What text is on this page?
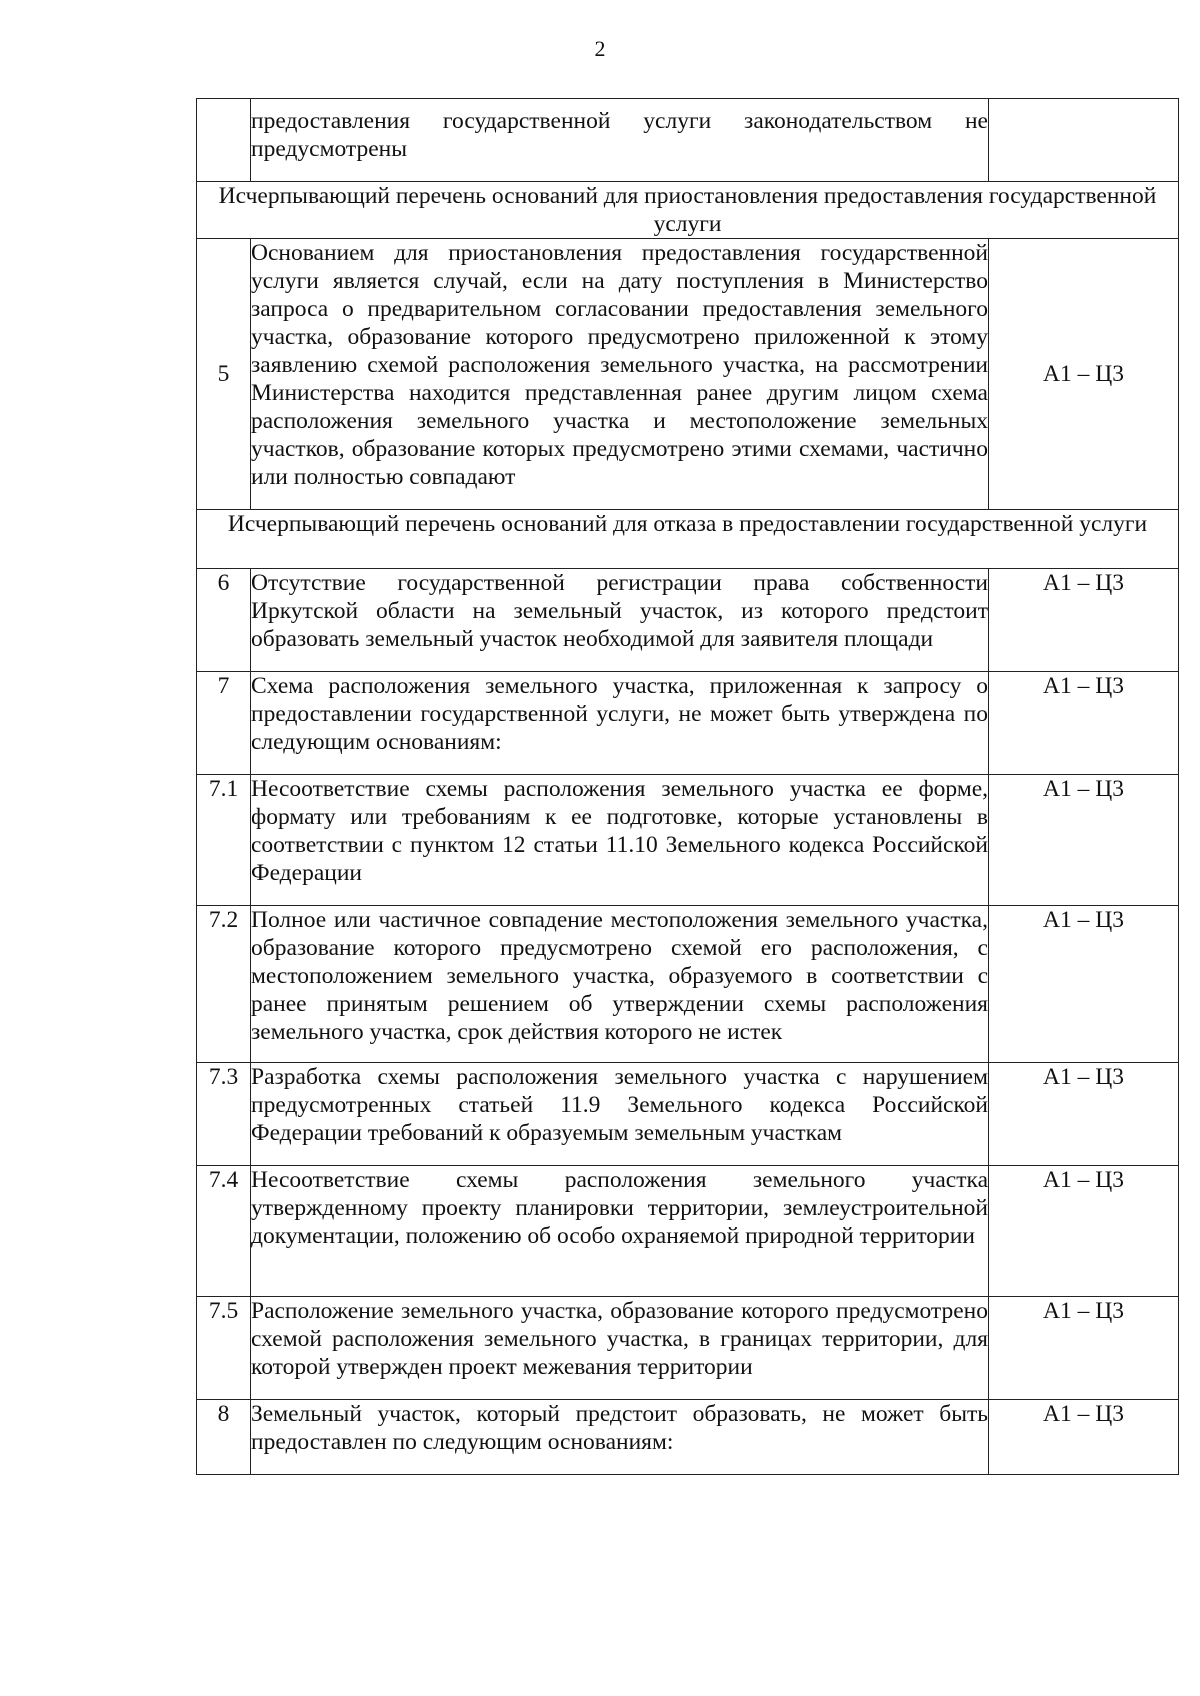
2
	предоставления государственной услуги законодательством не предусмотрены	
Исчерпывающий перечень оснований для приостановления предоставления государственной услуги		
5	Основанием для приостановления предоставления государственной услуги является случай, если на дату поступления в Министерство запроса о предварительном согласовании предоставления земельного участка, образование которого предусмотрено приложенной к этому заявлению схемой расположения земельного участка, на рассмотрении Министерства находится представленная ранее другим лицом схема расположения земельного участка и местоположение земельных участков, образование которых предусмотрено этими схемами, частично или полностью совпадают	А1 – Ц3
Исчерпывающий перечень оснований для отказа в предоставлении государственной услуги		
6	Отсутствие государственной регистрации права собственности Иркутской области на земельный участок, из которого предстоит образовать земельный участок необходимой для заявителя площади	А1 – Ц3
7	Схема расположения земельного участка, приложенная к запросу о предоставлении государственной услуги, не может быть утверждена по следующим основаниям:	А1 – Ц3
7.1	Несоответствие схемы расположения земельного участка ее форме, формату или требованиям к ее подготовке, которые установлены в соответствии с пунктом 12 статьи 11.10 Земельного кодекса Российской Федерации	А1 – Ц3
7.2	Полное или частичное совпадение местоположения земельного участка, образование которого предусмотрено схемой его расположения, с местоположением земельного участка, образуемого в соответствии с ранее принятым решением об утверждении схемы расположения земельного участка, срок действия которого не истек	А1 – Ц3
7.3	Разработка схемы расположения земельного участка с нарушением предусмотренных статьей 11.9 Земельного кодекса Российской Федерации требований к образуемым земельным участкам	А1 – Ц3
7.4	Несоответствие схемы расположения земельного участка утвержденному проекту планировки территории, землеустроительной документации, положению об особо охраняемой природной территории	А1 – Ц3
7.5	Расположение земельного участка, образование которого предусмотрено схемой расположения земельного участка, в границах территории, для которой утвержден проект межевания территории	А1 – Ц3
8	Земельный участок, который предстоит образовать, не может быть предоставлен по следующим основаниям:	А1 – Ц3
